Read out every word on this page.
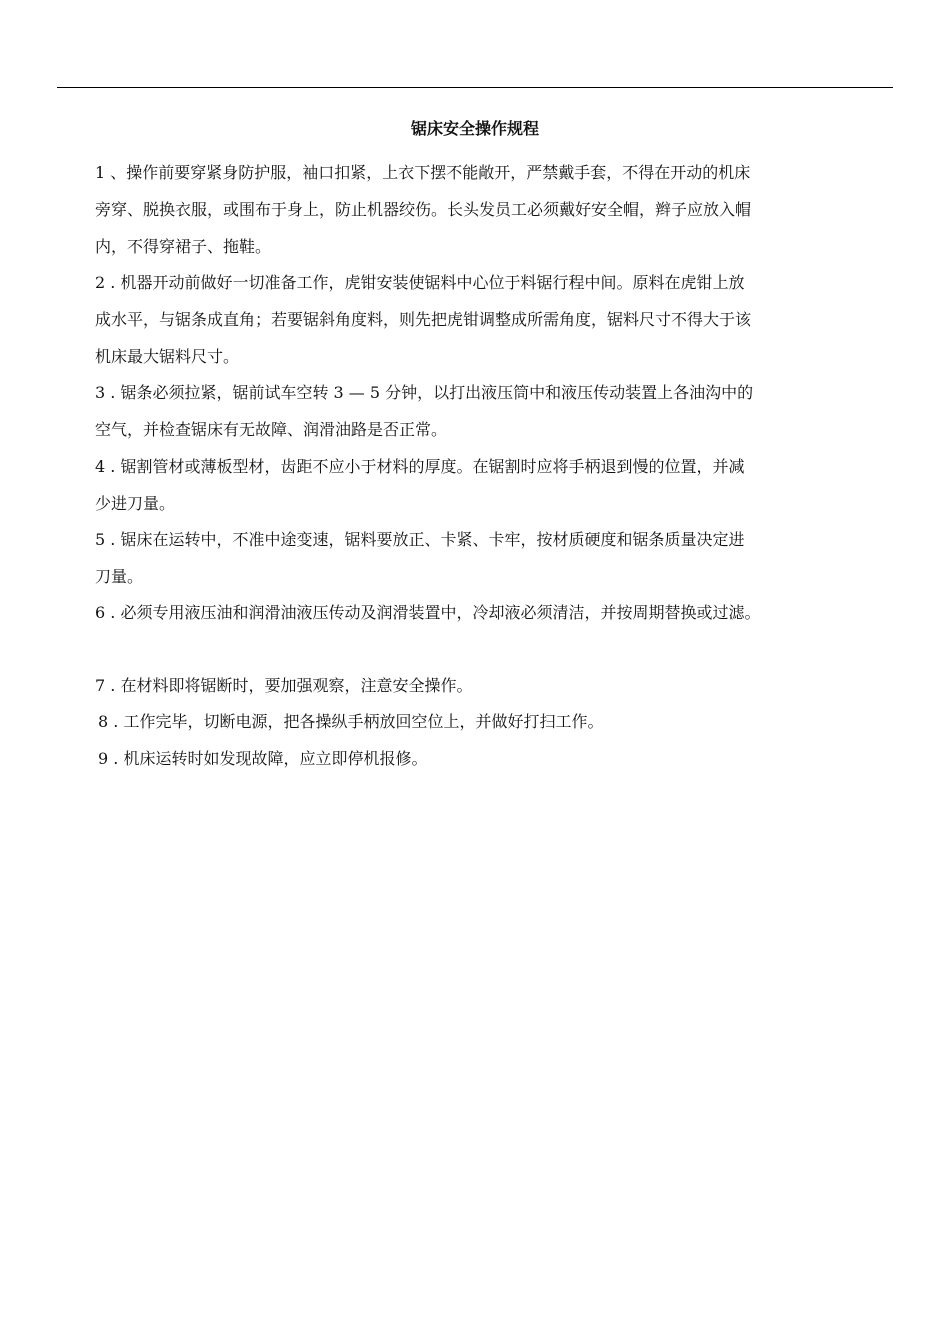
锯床安全操作规程
1 、操作前要穿紧身防护服，袖口扣紧，上衣下摆不能敞开，严禁戴手套，不得在开动的机床
旁穿、脱换衣服，或围布于身上，防止机器绞伤。长头发员工必须戴好安全帽，辫子应放入帽
内，不得穿裙子、拖鞋。
2 . 机器开动前做好一切准备工作，虎钳安装使锯料中心位于料锯行程中间。原料在虎钳上放
成水平，与锯条成直角；若要锯斜角度料，则先把虎钳调整成所需角度，锯料尺寸不得大于该
机床最大锯料尺寸。
3 . 锯条必须拉紧，锯前试车空转 3 — 5 分钟，以打出液压筒中和液压传动装置上各油沟中的
空气，并检查锯床有无故障、润滑油路是否正常。
4 . 锯割管材或薄板型材，齿距不应小于材料的厚度。在锯割时应将手柄退到慢的位置，并减
少进刀量。
5 . 锯床在运转中，不准中途变速，锯料要放正、卡紧、卡牢，按材质硬度和锯条质量决定进
刀量。
6 . 必须专用液压油和润滑油液压传动及润滑装置中，冷却液必须清洁，并按周期替换或过滤。
7 . 在材料即将锯断时，要加强观察，注意安全操作。
8 . 工作完毕，切断电源，把各操纵手柄放回空位上，并做好打扫工作。
9 . 机床运转时如发现故障，应立即停机报修。
